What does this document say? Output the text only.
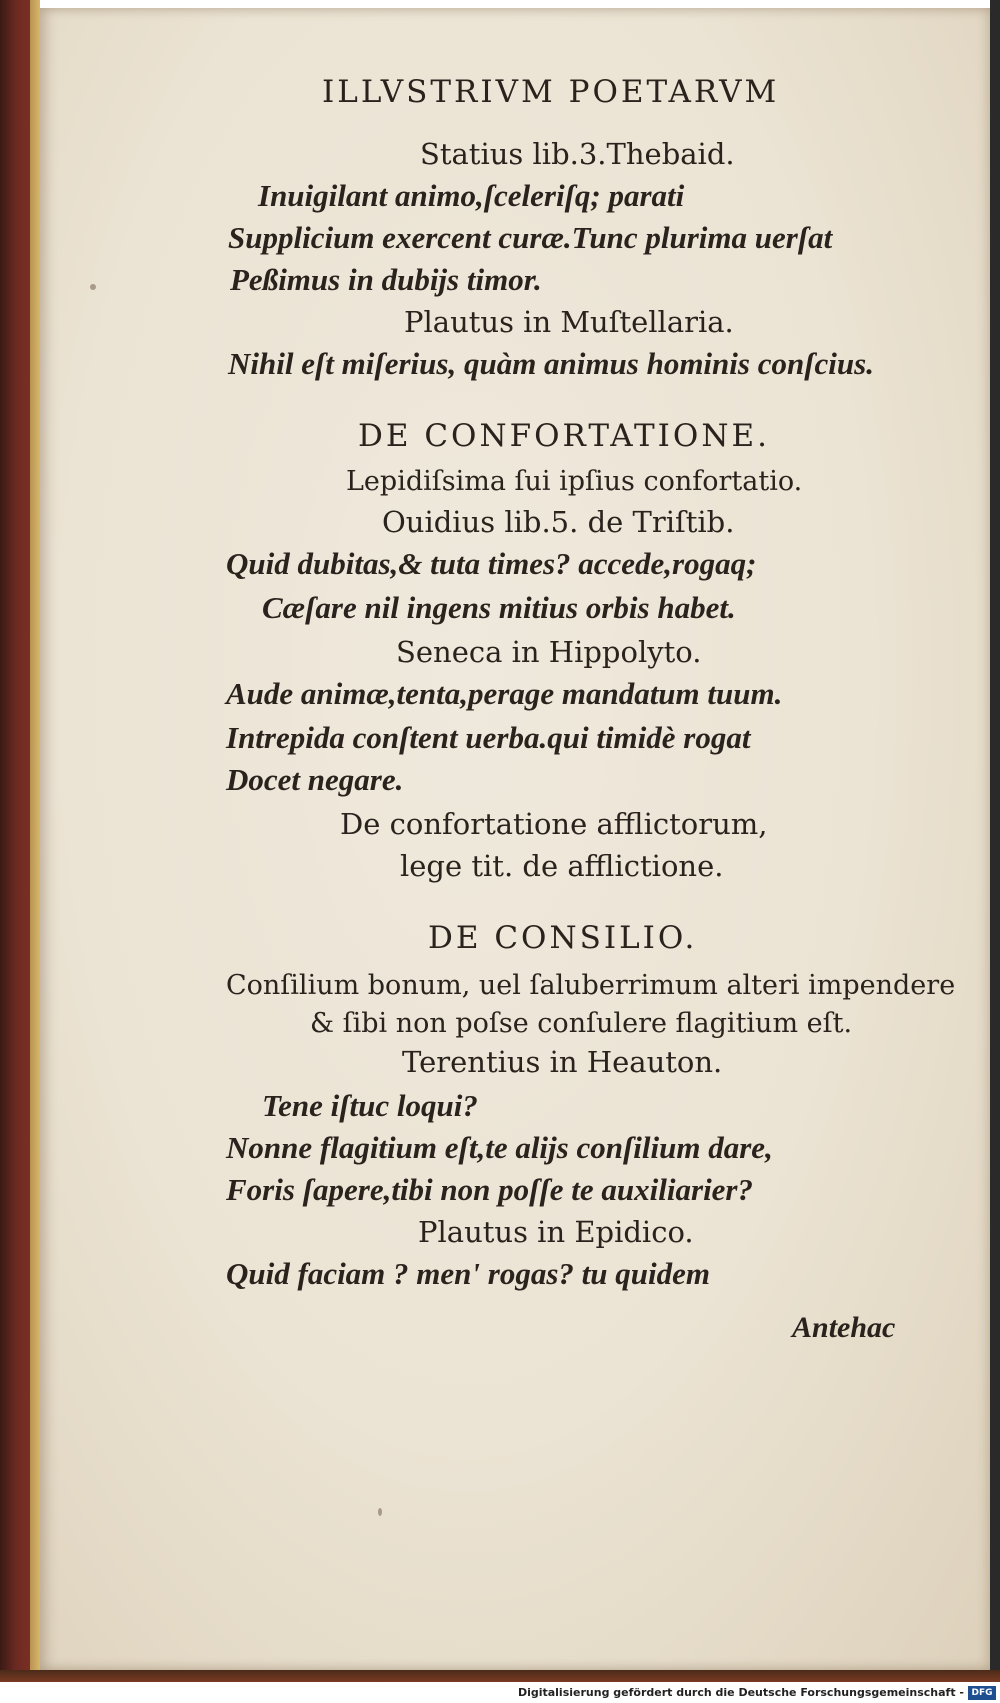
ILLVSTRIVM POETARVM
Statius lib.3.Thebaid.
Inuigilant animo,ſceleriſq; parati
Supplicium exercent curæ.Tunc plurima uerſat
Peßimus in dubijs timor.
Plautus in Muſtellaria.
Nihil eſt miſerius, quàm animus hominis conſcius.
DE CONFORTATIONE.
Lepidiſsima ſui ipſius confortatio.
Ouidius lib.5. de Triſtib.
Quid dubitas,& tuta times? accede,rogaq;
Cæſare nil ingens mitius orbis habet.
Seneca in Hippolyto.
Aude animæ,tenta,perage mandatum tuum.
Intrepida conſtent uerba.qui timidè rogat
Docet negare.
De confortatione afflictorum,
lege tit. de afflictione.
DE CONSILIO.
Conſilium bonum, uel ſaluberrimum alteri impendere
& ſibi non poſse conſulere flagitium eſt.
Terentius in Heauton.
Tene iſtuc loqui?
Nonne flagitium eſt,te alijs conſilium dare,
Foris ſapere,tibi non poſſe te auxiliarier?
Plautus in Epidico.
Quid faciam ? men' rogas? tu quidem
Antehac
Digitalisierung gefördert durch die Deutsche Forschungsgemeinschaft - DFG
